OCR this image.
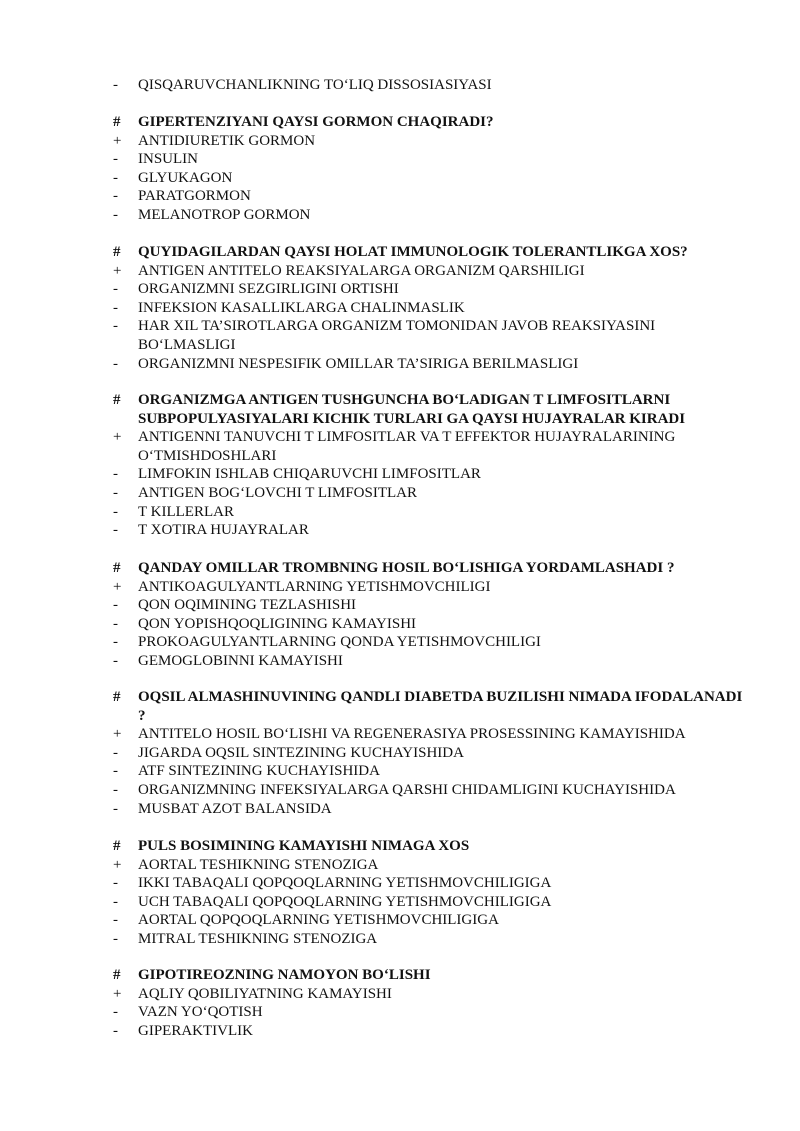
-	QISQARUVCHANLIKNING TO‘LIQ DISSOSIASIYASI
#	GIPERTENZIYANI QAYSI GORMON CHAQIRADI?
+	ANTIDIURETIK GORMON
-	INSULIN
-	GLYUKAGON
-	PARATGORMON
-	MELANOTROP GORMON
#	QUYIDAGILARDAN QAYSI HOLAT IMMUNOLOGIK TOLERANTLIKGA XOS?
+	ANTIGEN ANTITELO REAKSIYALARGA ORGANIZM QARSHILIGI
-	ORGANIZMNI SEZGIRLIGINI ORTISHI
-	INFEKSION KASALLIKLARGA CHALINMASLIK
-	HAR XIL TA’SIROTLARGA ORGANIZM TOMONIDAN JAVOB REAKSIYASINI BO‘LMASLIGI
-	ORGANIZMNI NESPESIFIK OMILLAR TA’SIRIGA BERILMASLIGI
#	ORGANIZMGA ANTIGEN TUSHGUNCHA BO‘LADIGAN T LIMFOSITLARNI SUBPOPULYASIYALARI KICHIK TURLARI GA QAYSI HUJAYRALAR KIRADI
+	ANTIGENNI TANUVCHI T LIMFOSITLAR VA T EFFEKTOR HUJAYRALARINING O‘TMISHDOSHLARI
-	LIMFOKIN ISHLAB CHIQARUVCHI LIMFOSITLAR
-	ANTIGEN BOG‘LOVCHI T LIMFOSITLAR
-	T KILLERLAR
-	T XOTIRA HUJAYRALAR
#	QANDAY OMILLAR TROMBNING HOSIL BO‘LISHIGA YORDAMLASHADI ?
+	ANTIKOAGULYANTLARNING YETISHMOVCHILIGI
-	QON OQIMINING TEZLASHISHI
-	QON YOPISHQOQLIGINING KAMAYISHI
-	PROKOAGULYANTLARNING QONDA YETISHMOVCHILIGI
-	GEMOGLOBINNI KAMAYISHI
#	OQSIL ALMASHINUVINING QANDLI DIABETDA BUZILISHI NIMADA IFODALANADI ?
+	ANTITELO HOSIL BO‘LISHI VA REGENERASIYA PROSESSINING KAMAYISHIDA
-	JIGARDA OQSIL SINTEZINING KUCHAYISHIDA
-	ATF SINTEZINING KUCHAYISHIDA
-	ORGANIZMNING INFEKSIYALARGA QARSHI CHIDAMLIGINI KUCHAYISHIDA
-	MUSBAT AZOT BALANSIDA
#	PULS BOSIMINING KAMAYISHI NIMAGA XOS
+	AORTAL TESHIKNING STENOZIGA
-	IKKI TABAQALI QOPQOQLARNING YETISHMOVCHILIGIGA
-	UCH TABAQALI QOPQOQLARNING YETISHMOVCHILIGIGA
-	AORTAL QOPQOQLARNING YETISHMOVCHILIGIGA
-	MITRAL TESHIKNING STENOZIGA
#	GIPOTIREOZNING NAMOYON BO‘LISHI
+	AQLIY QOBILIYATNING KAMAYISHI
-	VAZN YO‘QOTISH
-	GIPERAKTIVLIK
